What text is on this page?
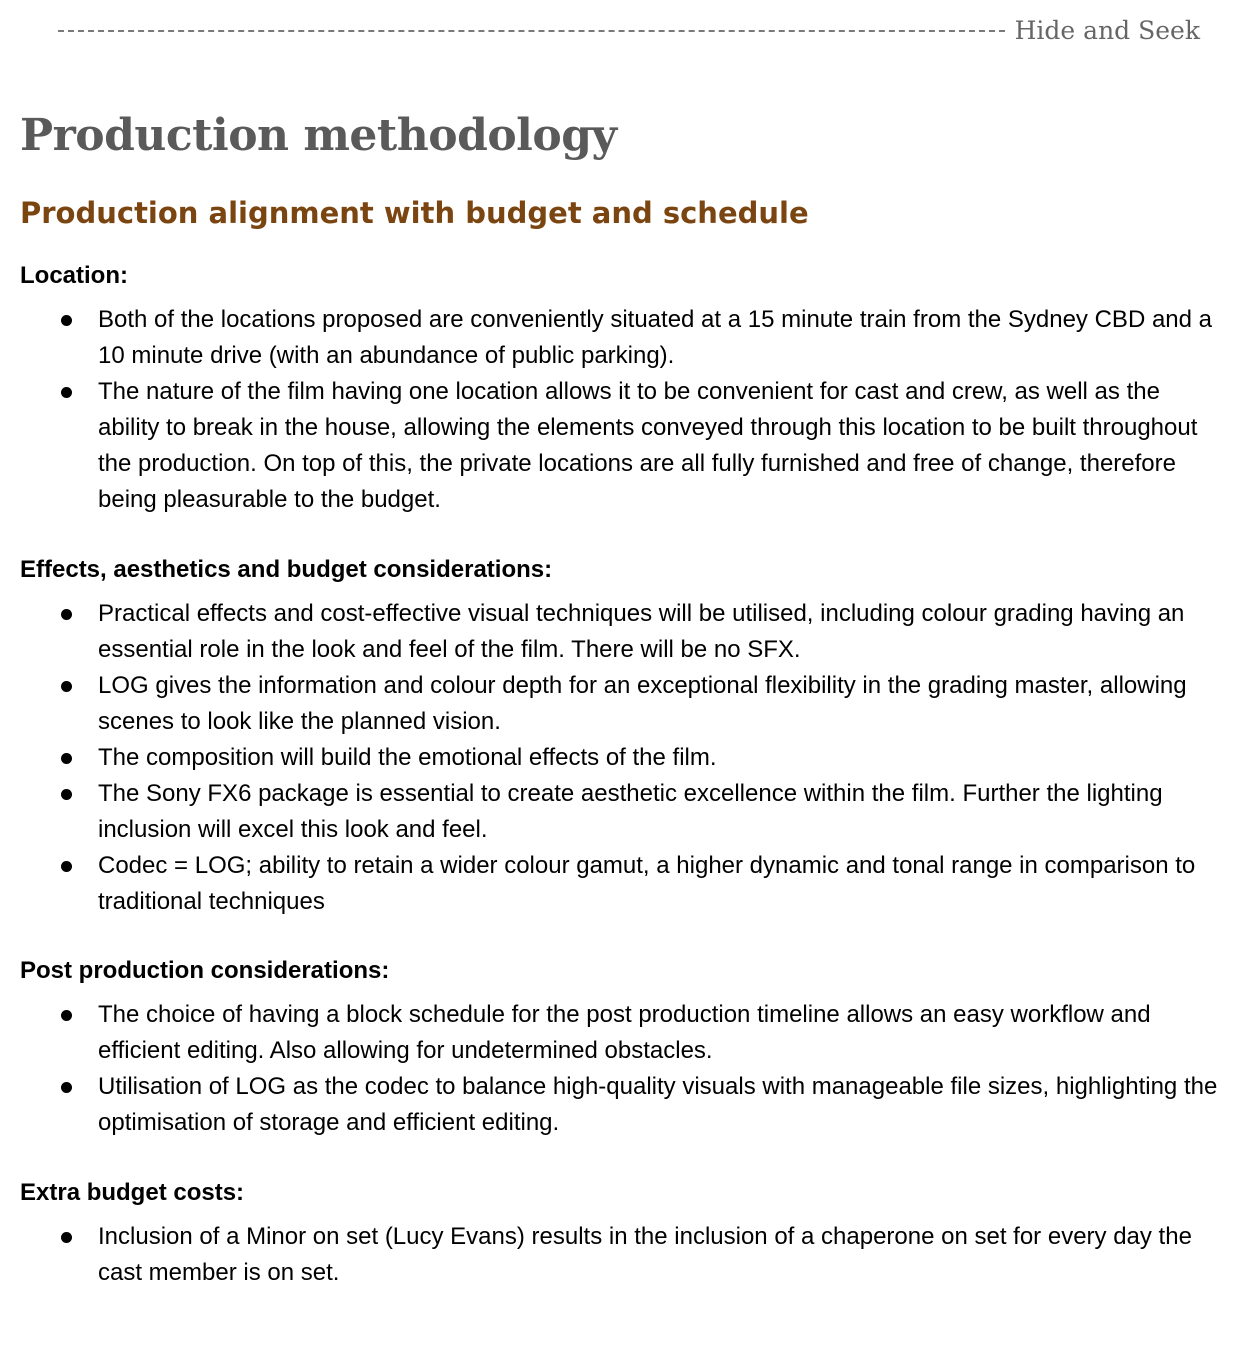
Hide and Seek
Production methodology
Production alignment with budget and schedule
Location:
Both of the locations proposed are conveniently situated at a 15 minute train from the Sydney CBD and a 10 minute drive (with an abundance of public parking).
The nature of the film having one location allows it to be convenient for cast and crew, as well as the ability to break in the house, allowing the elements conveyed through this location to be built throughout the production. On top of this, the private locations are all fully furnished and free of change, therefore being pleasurable to the budget.
Effects, aesthetics and budget considerations:
Practical effects and cost-effective visual techniques will be utilised, including colour grading having an essential role in the look and feel of the film. There will be no SFX.
LOG gives the information and colour depth for an exceptional flexibility in the grading master, allowing scenes to look like the planned vision.
The composition will build the emotional effects of the film.
The Sony FX6 package is essential to create aesthetic excellence within the film. Further the lighting inclusion will excel this look and feel.
Codec = LOG; ability to retain a wider colour gamut, a higher dynamic and tonal range in comparison to traditional techniques
Post production considerations:
The choice of having a block schedule for the post production timeline allows an easy workflow and efficient editing. Also allowing for undetermined obstacles.
Utilisation of LOG as the codec to balance high-quality visuals with manageable file sizes, highlighting the optimisation of storage and efficient editing.
Extra budget costs:
Inclusion of a Minor on set (Lucy Evans) results in the inclusion of a chaperone on set for every day the cast member is on set.
